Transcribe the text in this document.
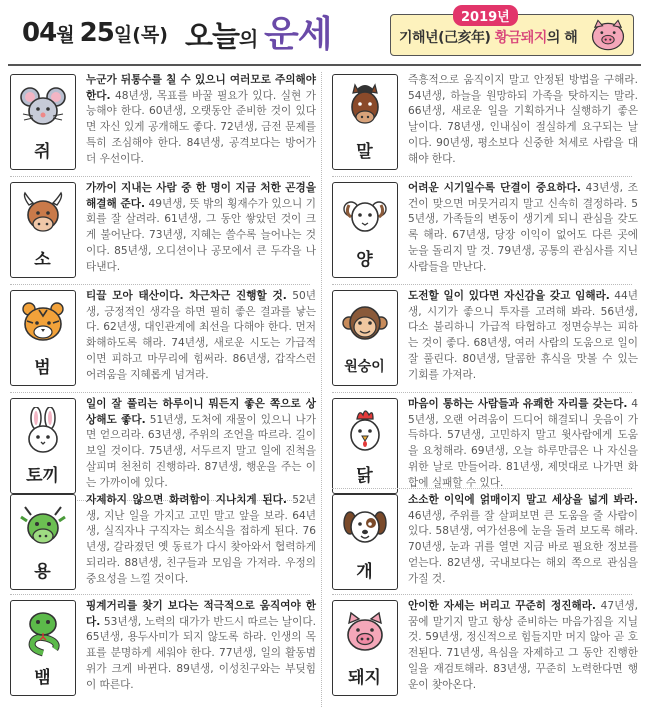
04월 25일(목) 오늘의 운세	2019년
기해년(己亥年) 황금돼지의 해
쥐
누군가 뒤통수를 칠 수 있으니 여러모로 주의해야 한다. 48년생, 목표를 바꿀 필요가 있다. 실현 가능해야 한다. 60년생, 오랫동안 준비한 것이 있다면 자신 있게 공개해도 좋다. 72년생, 금전 문제를 특히 조심해야 한다. 84년생, 공격보다는 방어가 더 우선이다.
소
가까이 지내는 사람 중 한 명이 지금 처한 곤경을 해결해 준다. 49년생, 뜻 밖의 횡재수가 있으니 기회를 잘 살려라. 61년생, 그 동안 쌓았던 것이 크게 불어난다. 73년생, 지혜는 쓸수록 늘어나는 것이다. 85년생, 오디션이나 공모에서 큰 두각을 나타낸다.
범
티끌 모아 태산이다. 차근차근 진행할 것. 50년생, 긍정적인 생각을 하면 필히 좋은 결과를 낳는다. 62년생, 대인관계에 최선을 다해야 한다. 먼저 화해하도록 해라. 74년생, 새로운 시도는 가급적이면 피하고 마무리에 힘써라. 86년생, 갑작스런 어려움을 지혜롭게 넘겨라.
토끼
일이 잘 풀리는 하루이니 뭐든지 좋은 쪽으로 상상해도 좋다. 51년생, 도처에 재물이 있으니 나가면 얻으리라. 63년생, 주위의 조언을 따르라. 길이 보일 것이다. 75년생, 서두르지 말고 일에 진척을 살피며 천천히 진행하라. 87년생, 행운을 주는 이는 가까이에 있다.
용
자제하지 않으면 화려함이 지나치게 된다. 52년생, 지난 일을 가지고 고민 말고 앞을 보라. 64년생, 실직자나 구직자는 희소식을 접하게 된다. 76년생, 갈라졌던 옛 동료가 다시 찾아와서 협력하게 되리라. 88년생, 친구들과 모임을 가져라. 우정의 중요성을 느낄 것이다.
뱀
핑계거리를 찾기 보다는 적극적으로 움직여야 한다. 53년생, 노력의 대가가 반드시 따르는 날이다. 65년생, 용두사미가 되지 않도록 하라. 인생의 목표를 분명하게 세워야 한다. 77년생, 일의 활동범위가 크게 바뀐다. 89년생, 이성친구와는 부딪힘이 따른다.
말
즉흥적으로 움직이지 말고 안정된 방법을 구해라. 54년생, 하늘을 원망하되 가족을 탓하지는 말라. 66년생, 새로운 일을 기획하거나 실행하기 좋은 날이다. 78년생, 인내심이 절실하게 요구되는 날이다. 90년생, 평소보다 신중한 처세로 사람을 대해야 한다.
양
어려운 시기일수록 단결이 중요하다. 43년생, 조건이 맞으면 머뭇거리지 말고 신속히 결정하라. 55년생, 가족들의 변동이 생기게 되니 관심을 갖도록 해라. 67년생, 당장 이익이 없어도 다른 곳에 눈을 돌리지 말 것. 79년생, 공통의 관심사를 지닌 사람들을 만난다.
원숭이
도전할 일이 있다면 자신감을 갖고 임해라. 44년생, 시기가 좋으니 투자를 고려해 봐라. 56년생, 다소 불리하니 가급적 타협하고 정면승부는 피하는 것이 좋다. 68년생, 여러 사람의 도움으로 일이 잘 풀린다. 80년생, 달콤한 휴식을 맛볼 수 있는 기회를 가져라.
닭
마음이 통하는 사람들과 유쾌한 자리를 갖는다. 45년생, 오랜 어려움이 드디어 해결되니 웃음이 가득하다. 57년생, 고민하지 말고 윗사람에게 도움을 요청해라. 69년생, 오늘 하루만큼은 나 자신을 위한 날로 만들어라. 81년생, 제멋대로 나가면 화합에 실패할 수 있다.
개
소소한 이익에 얽매이지 말고 세상을 넓게 봐라. 46년생, 주위를 잘 살펴보면 큰 도움을 줄 사람이 있다. 58년생, 여가선용에 눈을 돌려 보도록 해라. 70년생, 눈과 귀를 열면 지금 바로 필요한 정보를 얻는다. 82년생, 국내보다는 해외 쪽으로 관심을 가질 것.
돼지
안이한 자세는 버리고 꾸준히 정진해라. 47년생, 꿈에 말기지 말고 항상 준비하는 마음가짐을 지닐 것. 59년생, 정신적으로 힘들지만 머지 않아 곧 호전된다. 71년생, 욕심을 자제하고 그 동안 진행한 일을 재검토해라. 83년생, 꾸준히 노력한다면 행운이 찾아온다.
